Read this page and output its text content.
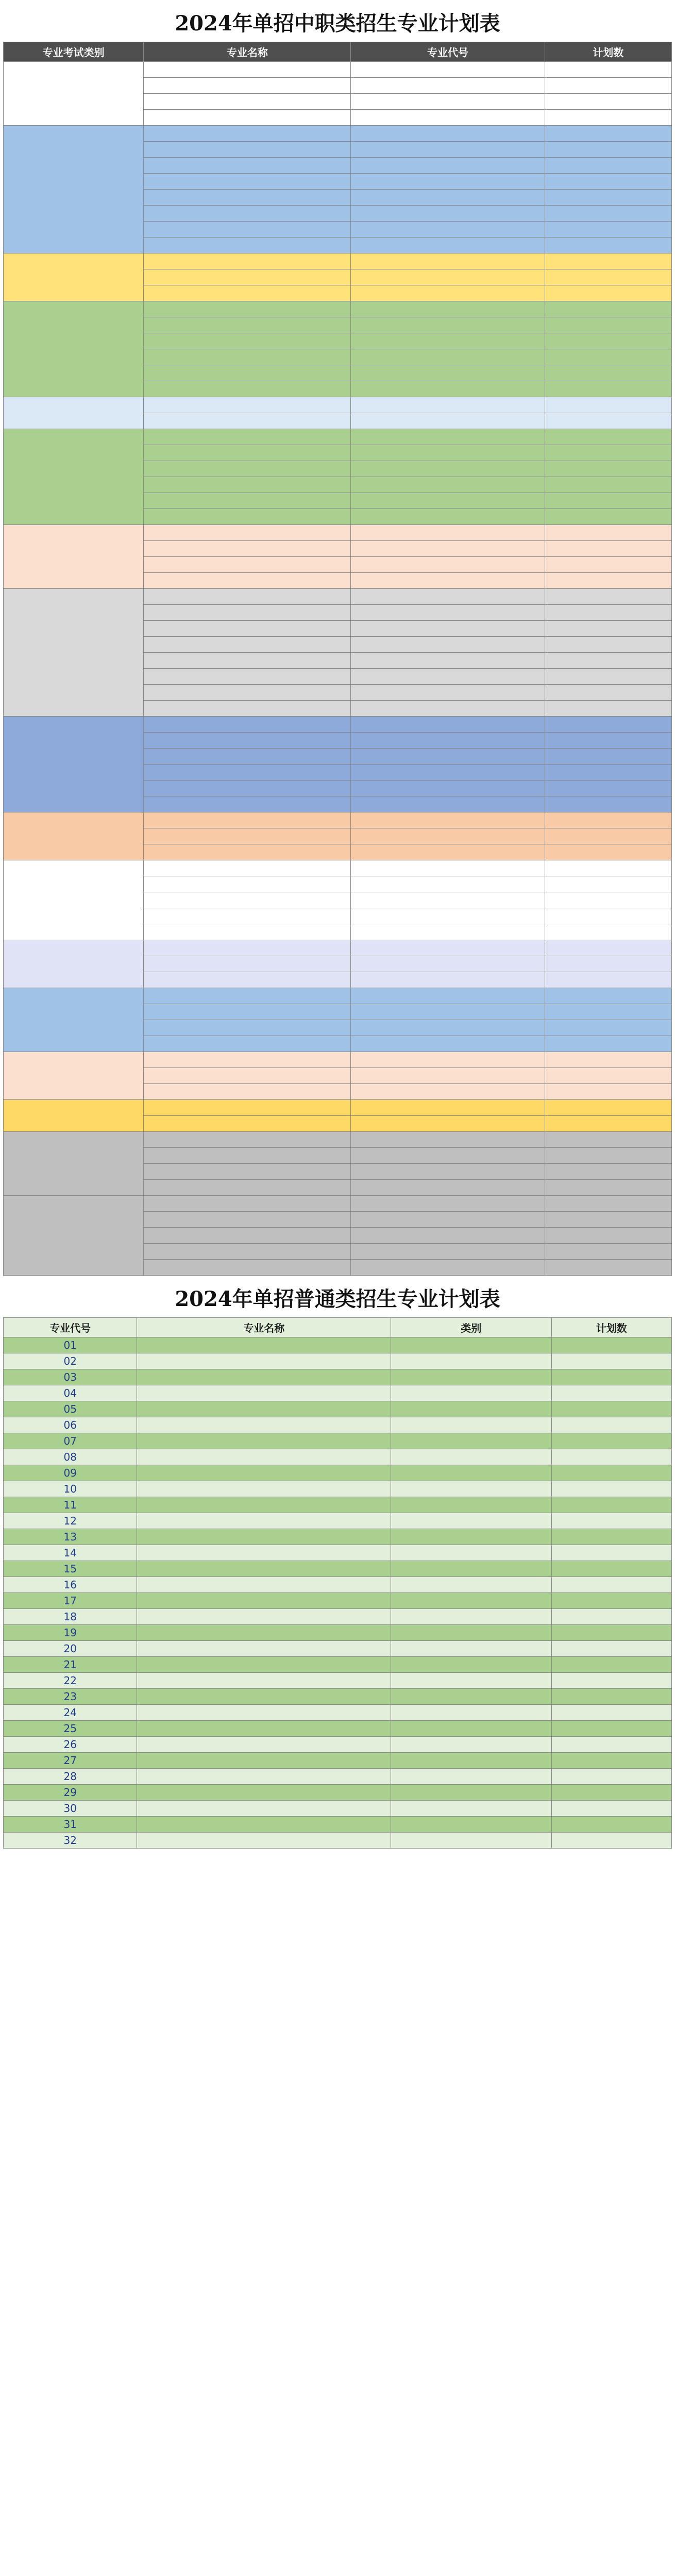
2024年单招中职类招生专业计划表
专业考试类别	专业名称	专业代号	计划数

2024年单招普通类招生专业计划表
专业代号	专业名称	类别	计划数
01			
02			
03			
04			
05			
06			
07			
08			
09			
10			
11			
12			
13			
14			
15			
16			
17			
18			
19			
20			
21			
22			
23			
24			
25			
26			
27			
28			
29			
30			
31			
32			
